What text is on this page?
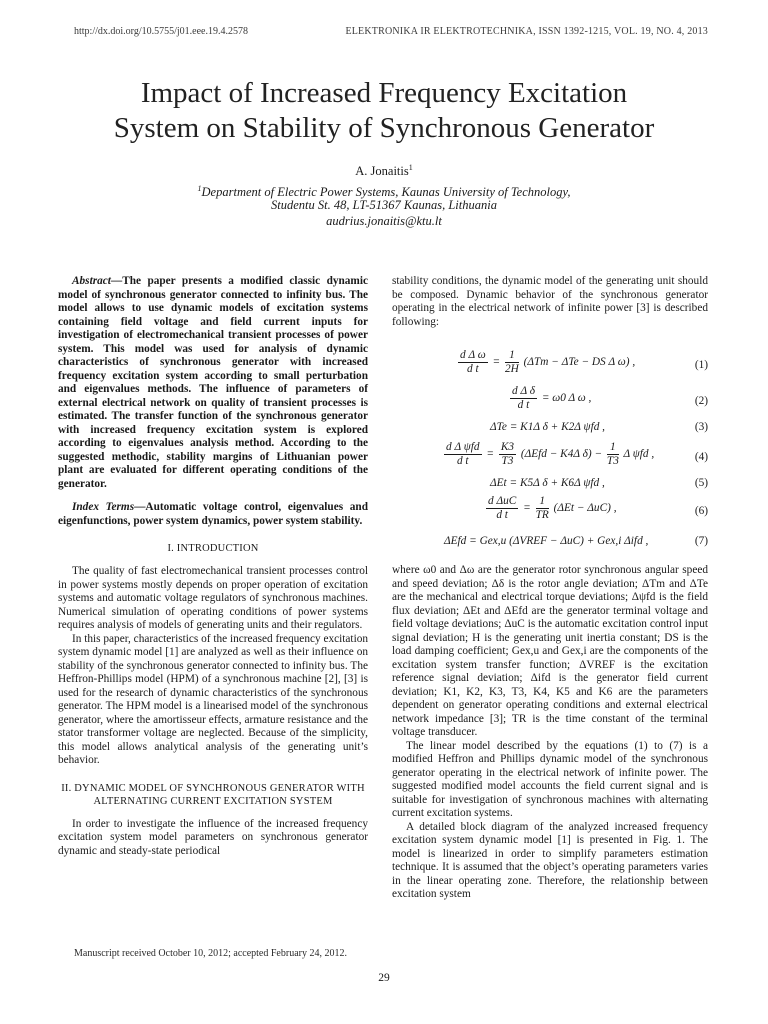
http://dx.doi.org/10.5755/j01.eee.19.4.2578	ELEKTRONIKA IR ELEKTROTECHNIKA, ISSN 1392-1215, VOL. 19, NO. 4, 2013
Impact of Increased Frequency Excitation
System on Stability of Synchronous Generator
A. Jonaitis$^1$
$^1$Department of Electric Power Systems, Kaunas University of Technology,
Studentu St. 48, LT-51367 Kaunas, Lithuania
audrius.jonaitis@ktu.lt

Abstract—The paper presents a modified classic dynamic model of synchronous generator connected to infinity bus. The model allows to use dynamic models of excitation systems containing field voltage and field current inputs for investigation of electromechanical transient processes of power system. This model was used for analysis of dynamic characteristics of synchronous generator with increased frequency excitation system according to small perturbation and eigenvalues methods. The influence of parameters of external electrical network on quality of transient processes is estimated. The transfer function of the synchronous generator with increased frequency excitation system is explored according to eigenvalues analysis method. According to the suggested methodic, stability margins of Lithuanian power plant are evaluated for different operating conditions of the generator.

Index Terms—Automatic voltage control, eigenvalues and eigenfunctions, power system dynamics, power system stability.

I. INTRODUCTION

The quality of fast electromechanical transient processes control in power systems mostly depends on proper operation of excitation systems and automatic voltage regulators of synchronous machines. Numerical simulation of operating conditions of power systems requires analysis of models of generating units and their regulators.

In this paper, characteristics of the increased frequency excitation system dynamic model [1] are analyzed as well as their influence on stability of the synchronous generator connected to infinity bus. The Heffron-Phillips model (HPM) of a synchronous machine [2], [3] is used for the research of dynamic characteristics of the synchronous generator. The HPM model is a linearised model of the synchronous generator, where the amortisseur effects, armature resistance and the stator transformer voltage are neglected. Because of the simplicity, this model allows analytical analysis of the generating unit’s behavior.

II. DYNAMIC MODEL OF SYNCHRONOUS GENERATOR WITH

ALTERNATING CURRENT EXCITATION SYSTEM

In order to investigate the influence of the increased frequency excitation system model parameters on synchronous generator dynamic and steady-state periodical

stability conditions, the dynamic model of the generating unit should be composed. Dynamic behavior of the synchronous generator operating in the electrical network of infinite power [3] is described following:

$\frac{\text{d Δ ω}}{\text{d t}} = \frac{1}{2H} (\Delta Tm - \Delta Te$ − DS Δ ω) ,	(1)
$\frac{\text{d Δ δ}}{\text{d t}} = \omega 0$ Δ ω ,	(2)
ΔTe = K1Δ δ + K2Δ ψfd ,	(3)
$\frac{\text{d Δ ψfd}}{\text{d t}} = \frac{K3}{T3} (\Delta Efd - K4\Delta$ $\delta) - \frac{1}{T3}$ Δ ψfd ,	(4)
ΔEt = K5Δ δ + K6Δ ψfd ,	(5)
$\frac{\text{d ΔuC}}{\text{d t}} = \frac{1}{TR} (\Delta Et - \Delta uC)$ ,	(6)
ΔEfd = Gex,u (ΔVREF − ΔuC) + Gex,i Δifd ,	(7)

where ω0 and Δω are the generator rotor synchronous angular speed and speed deviation; Δδ is the rotor angle deviation; ΔTm and ΔTe are the mechanical and electrical torque deviations; Δψfd is the field flux deviation; ΔEt and ΔEfd are the generator terminal voltage and field voltage deviations; ΔuC is the automatic excitation control input signal deviation; H is the generating unit inertia constant; DS is the load damping coefficient; Gex,u and Gex,i are the components of the excitation system transfer function; ΔVREF is the excitation reference signal deviation; Δifd is the generator field current deviation; K1, K2, K3, T3, K4, K5 and K6 are the parameters dependent on generator operating conditions and external electrical network impedance [3]; TR is the time constant of the terminal voltage transducer.

The linear model described by the equations (1) to (7) is a modified Heffron and Phillips dynamic model of the synchronous generator operating in the electrical network of infinite power. The suggested modified model accounts the field current signal and is suitable for investigation of synchronous machines with alternating current excitation systems.

A detailed block diagram of the analyzed increased frequency excitation system dynamic model [1] is presented in Fig. 1. The model is linearized in order to simplify parameters estimation technique. It is assumed that the object’s operating parameters varies in the linear operating zone. Therefore, the relationship between excitation system

Manuscript received October 10, 2012; accepted February 24, 2012.
29
